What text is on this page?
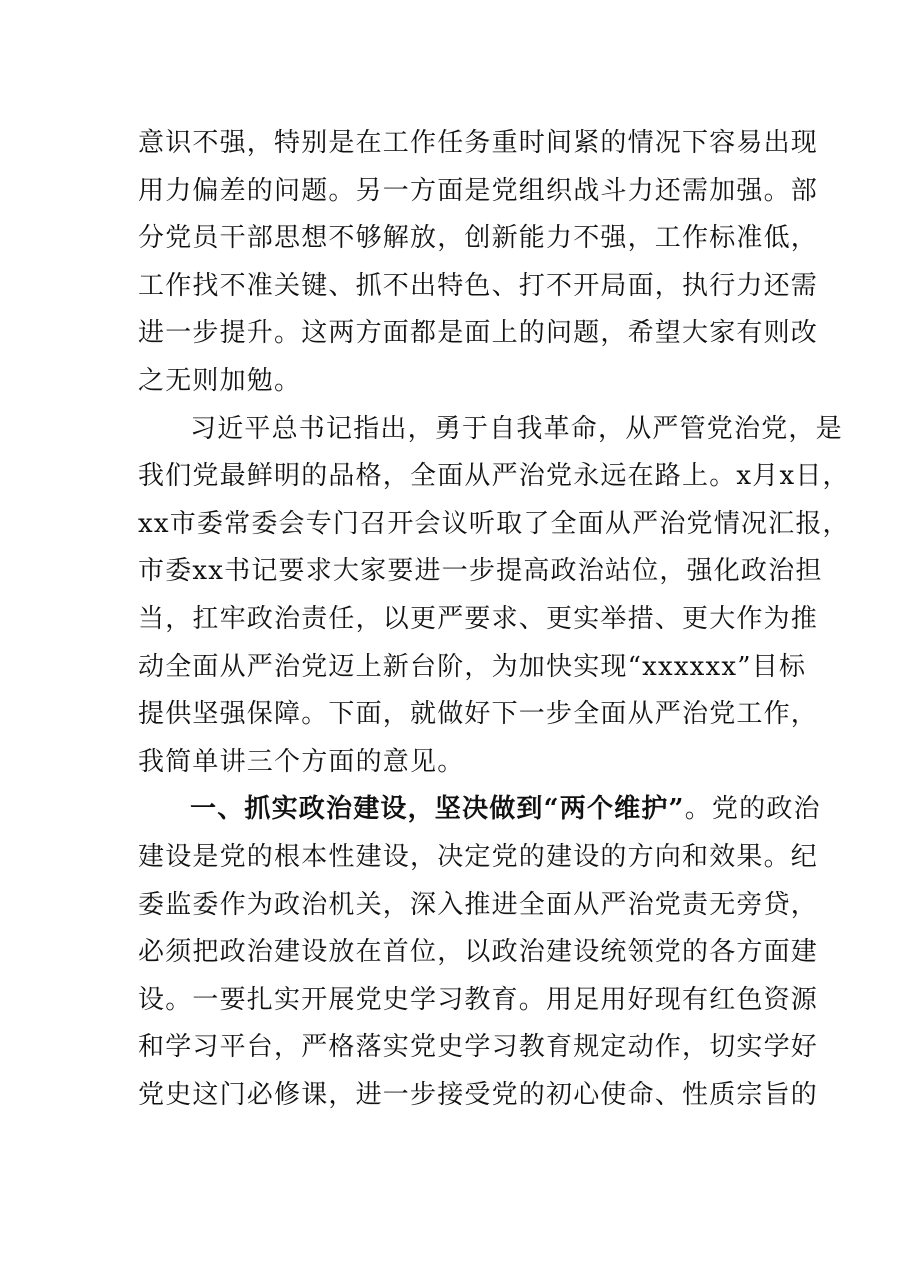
意识不强，特别是在工作任务重时间紧的情况下容易出现
用力偏差的问题。另一方面是党组织战斗力还需加强。部
分党员干部思想不够解放，创新能力不强，工作标准低，
工作找不准关键、抓不出特色、打不开局面，执行力还需
进一步提升。这两方面都是面上的问题，希望大家有则改
之无则加勉。
习近平总书记指出，勇于自我革命，从严管党治党，是
我们党最鲜明的品格，全面从严治党永远在路上。x月x日，
xx市委常委会专门召开会议听取了全面从严治党情况汇报，
市委xx书记要求大家要进一步提高政治站位，强化政治担
当，扛牢政治责任，以更严要求、更实举措、更大作为推
动全面从严治党迈上新台阶，为加快实现“xxxxxx”目标
提供坚强保障。下面，就做好下一步全面从严治党工作，
我简单讲三个方面的意见。
一、抓实政治建设，坚决做到“两个维护”。党的政治
建设是党的根本性建设，决定党的建设的方向和效果。纪
委监委作为政治机关，深入推进全面从严治党责无旁贷，
必须把政治建设放在首位，以政治建设统领党的各方面建
设。一要扎实开展党史学习教育。用足用好现有红色资源
和学习平台，严格落实党史学习教育规定动作，切实学好
党史这门必修课，进一步接受党的初心使命、性质宗旨的
